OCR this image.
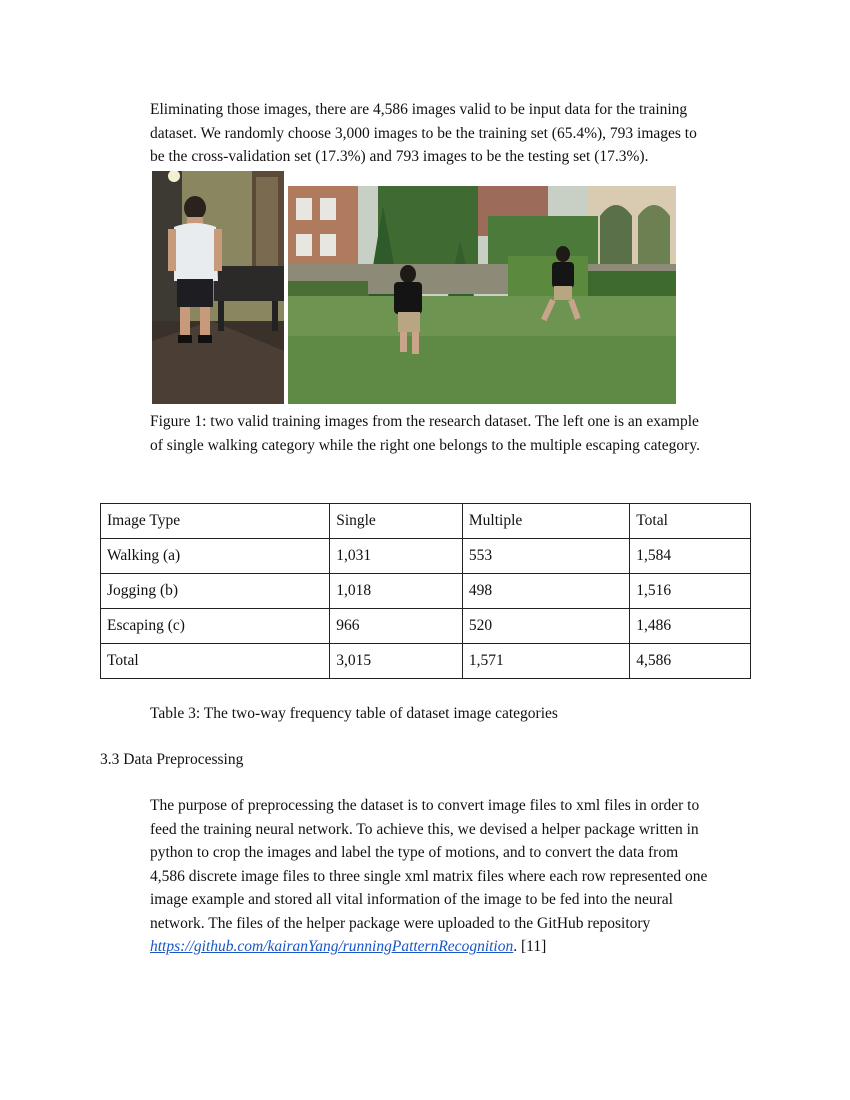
Eliminating those images, there are 4,586 images valid to be input data for the training
dataset. We randomly choose 3,000 images to be the training set (65.4%), 793 images to
be the cross-validation set (17.3%) and 793 images to be the testing set (17.3%).
Figure 1: two valid training images from the research dataset. The left one is an example
of single walking category while the right one belongs to the multiple escaping category.
Image Type	Single	Multiple	Total
Walking (a)	1,031	553	1,584
Jogging (b)	1,018	498	1,516
Escaping (c)	966	520	1,486
Total	3,015	1,571	4,586
Table 3: The two-way frequency table of dataset image categories
3.3 Data Preprocessing
The purpose of preprocessing the dataset is to convert image files to xml files in order to
feed the training neural network. To achieve this, we devised a helper package written in
python to crop the images and label the type of motions, and to convert the data from
4,586 discrete image files to three single xml matrix files where each row represented one
image example and stored all vital information of the image to be fed into the neural
network. The files of the helper package were uploaded to the GitHub repository
https://github.com/kairanYang/runningPatternRecognition. [11]
